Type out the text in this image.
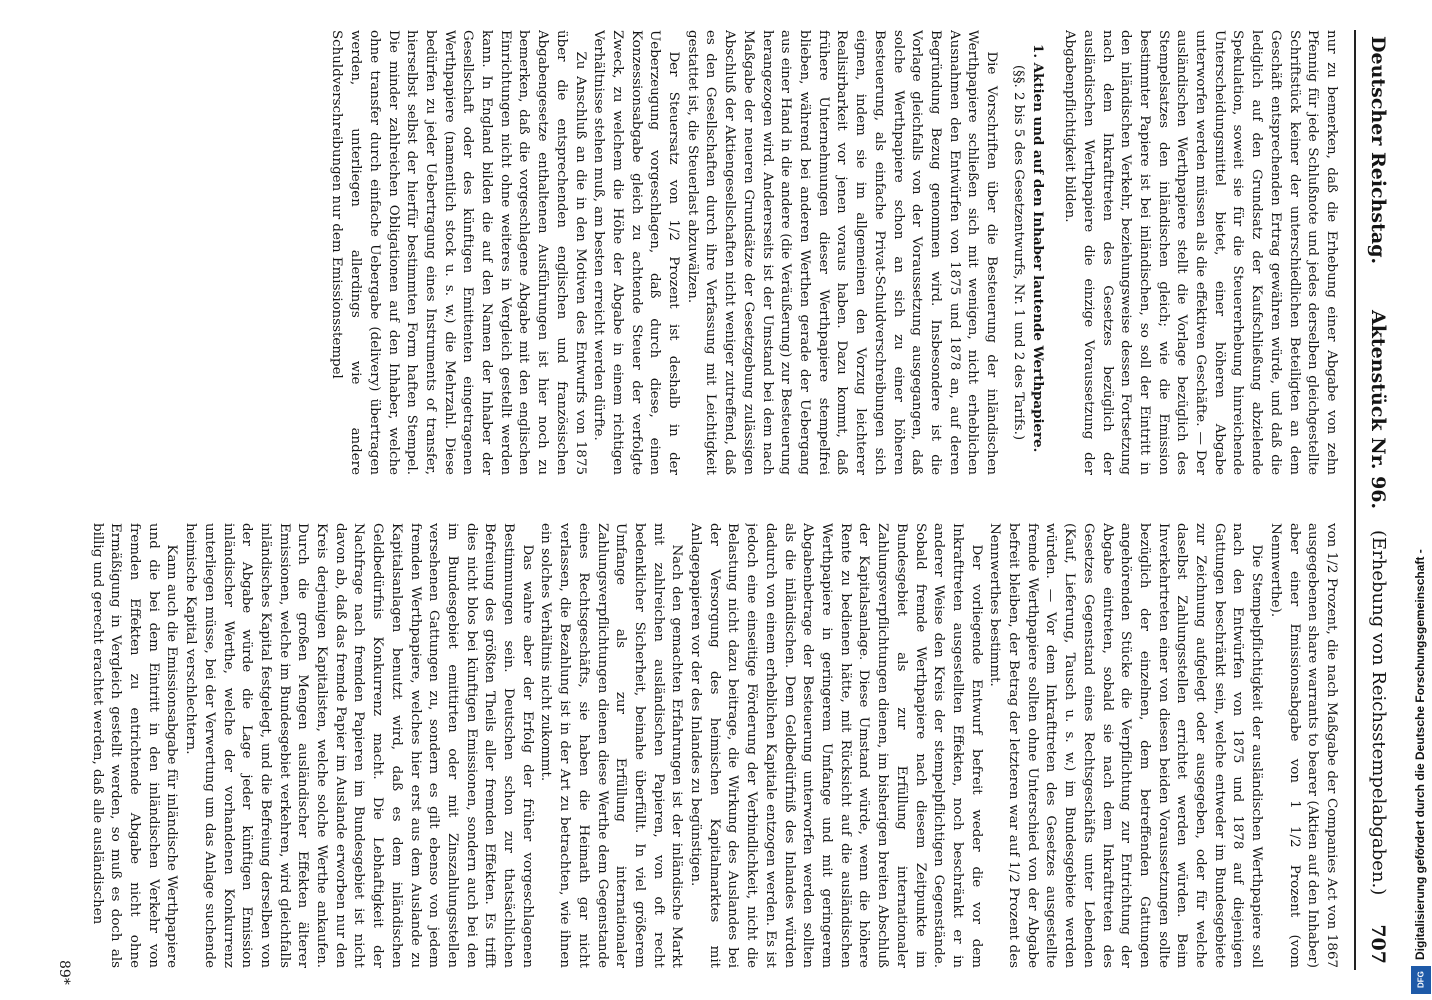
Deutscher Reichstag.
Aktenstück Nr. 96.
(Erhebung von Reichsstempelabgaben.)
707

nur zu bemerken, daß die Erhebung einer Abgabe von zehn Pfennig für jede Schlußnote und jedes derselben gleichgestellte Schriftstück keiner der unterschiedlichen Beteiligten an dem Geschäft entsprechenden Ertrag gewähren würde, und daß die lediglich auf den Grundsatz der Kaufschließung abzielende Spekulation, soweit sie für die Steuererhebung hinreichende Unterscheidungsmittel bietet, einer höheren Abgabe unterworfen werden müssen als die effektiven Geschäfte. — Der ausländischen Werthpapiere stellt die Vorlage bezüglich des Stempelsatzes den inländischen gleich; wie die Emission bestimmter Papiere ist bei inländischen, so soll der Eintritt in den inländischen Verkehr, beziehungsweise dessen Fortsetzung nach dem Inkrafttreten des Gesetzes bezüglich der ausländischen Werthpapiere die einzige Voraussetzung der Abgabenpflichtigkeit bilden.

1. Aktien und auf den Inhaber lautende Werthpapiere.

(§§. 2 bis 5 des Gesetzentwurfs, Nr. 1 und 2 des Tarifs.)

Die Vorschriften über die Besteuerung der inländischen Werthpapiere schließen sich mit wenigen, nicht erheblichen Ausnahmen den Entwürfen von 1875 und 1878 an, auf deren Begründung Bezug genommen wird. Insbesondere ist die Vorlage gleichfalls von der Voraussetzung ausgegangen, daß solche Werthpapiere schon an sich zu einer höheren Besteuerung, als einfache Privat-Schuldverschreibungen sich eignen, indem sie im allgemeinen den Vorzug leichterer Realisirbarkeit vor jenen voraus haben. Dazu kommt, daß frühere Unternehmungen dieser Werthpapiere stempelfrei blieben, während bei anderen Werthen gerade der Uebergang aus einer Hand in die andere (die Veräußerung) zur Besteuerung herangezogen wird. Andererseits ist der Umstand bei dem nach Maßgabe der neueren Grundsätze der Gesetzgebung zulässigen Abschluß der Aktiengesellschaften nicht weniger zutreffend, daß es den Gesellschaften durch ihre Verfassung mit Leichtigkeit gestattet ist, die Steuerlast abzuwälzen.

Der Steuersatz von 1/2 Prozent ist deshalb in der Ueberzeugung vorgeschlagen, daß durch diese, einen Konzessionsabgabe gleich zu achtende Steuer der verfolgte Zweck, zu welchem die Höhe der Abgabe in einem richtigen Verhältnisse stehen muß, am besten erreicht werden dürfte.

Zu Anschluß an die in den Motiven des Entwurfs von 1875 über die entsprechenden englischen und französischen Abgabengesetze enthaltenen Ausführungen ist hier noch zu bemerken, daß die vorgeschlagene Abgabe mit den englischen Einrichtungen nicht ohne weiteres in Vergleich gestellt werden kann. In England bilden die auf den Namen der Inhaber der Gesellschaft oder des künftigen Emittenten eingetragenen Werthpapiere (namentlich stock u. s. w.) die Mehrzahl. Diese bedürfen zu jeder Uebertragung eines Instruments of transfer, hierselbst selbst der hierfür bestimmten Form haften Stempel. Die minder zahlreichen Obligationen auf den Inhaber, welche ohne transfer durch einfache Uebergabe (delivery) übertragen werden, unterliegen allerdings wie andere Schuldverschreibungen nur dem Emissionsstempel

von 1/2 Prozent, die nach Maßgabe der Companies Act von 1867 ausgegebenen share warrants to bearer (Aktien auf den Inhaber) aber einer Emissionsabgabe von 1 1/2 Prozent (vom Nennwerthe).

Die Stempelpflichtigkeit der ausländischen Werthpapiere soll nach den Entwürfen von 1875 und 1878 auf diejenigen Gattungen beschränkt sein, welche entweder im Bundesgebiete zur Zeichnung aufgelegt oder ausgegeben, oder für welche daselbst Zahlungsstellen errichtet werden würden. Beim Inverkehrtreten einer von diesen beiden Voraussetzungen sollte bezüglich der einzelnen, dem betreffenden Gattungen angehörenden Stücke die Verpflichtung zur Entrichtung der Abgabe eintreten, sobald sie nach dem Inkrafttreten des Gesetzes Gegenstand eines Rechtsgeschäfts unter Lebenden (Kauf, Lieferung, Tausch u. s. w.) im Bundesgebiete werden würden. — Vor dem Inkrafttreten des Gesetzes ausgestellte fremde Werthpapiere sollten ohne Unterschied von der Abgabe befreit bleiben, der Betrag der letzteren war auf 1/2 Prozent des Nennwerthes bestimmt.

Der vorliegende Entwurf befreit weder die vor dem Inkrafttreten ausgestellten Effekten, noch beschränkt er in anderer Weise den Kreis der stempelpflichtigen Gegenstände. Sobald fremde Werthpapiere nach diesem Zeitpunkte im Bundesgebiet als zur Erfüllung internationaler Zahlungsverpflichtungen dienen, im bisherigen breiten Abschluß der Kapitalsanlage. Diese Umstand würde, wenn die höhere Rente zu bedienen hätte, mit Rücksicht auf die ausländischen Werthpapiere in geringerem Umfange und mit geringerem Abgabenbetrage der Besteuerung unterworfen werden sollten als die inländischen. Dem Geldbedürfniß des Inlandes würden dadurch von einem erheblichen Kapitale entzogen werden. Es ist jedoch eine einseitige Förderung der Verbindlichkeit, nicht die Belastung nicht dazu beitrage, die Wirkung des Auslandes bei der Versorgung des heimischen Kapitalmarktes mit Anlagepapieren vor der des Inlandes zu begünstigen.

Nach den gemachten Erfahrungen ist der inländische Markt mit zahlreichen ausländischen Papieren, von oft recht bedenklicher Sicherheit, beinahe überfüllt. In viel größerem Umfange als zur Erfüllung internationaler Zahlungsverpflichtungen dienen diese Werthe dem Gegenstande eines Rechtsgeschäfts, sie haben die Heimath gar nicht verlassen, die Bezahlung ist in der Art zu betrachten, wie ihnen ein solches Verhältnis nicht zukommt.

Das wahre aber der Erfolg der früher vorgeschlagenen Bestimmungen sein. Deutschen schon zur thatsächlichen Befreiung des größten Theils aller fremden Effekten. Es trifft dies nicht blos bei künftigen Emissionen, sondern auch bei den im Bundesgebiet emittirten oder mit Zinszahlungsstellen versehenen Gattungen zu, sondern es gilt ebenso von jedem fremden Werthpapiere, welches hier erst aus dem Auslande zu Kapitalsanlagen benutzt wird, daß es dem inländischen Geldbedürfnis Konkurrenz macht. Die Lebhaftigkeit der Nachfrage nach fremden Papieren im Bundesgebiet ist nicht davon ab, daß das fremde Papier im Auslande erworben nur den Kreis derjenigen Kapitalisten, welche solche Werthe ankaufen. Durch die großen Mengen ausländischer Effekten älterer Emissionen, welche im Bundesgebiet verkehren, wird gleichfalls inländisches Kapital festgelegt, und die Befreiung derselben von der Abgabe würde die Lage jeder künftigen Emission inländischer Werthe, welche der vorhandenen Konkurrenz unterliegen müsse, bei der Verwertung um das Anlage suchende heimische Kapital verschlechtern.

Kann auch die Emissionsabgabe für inländische Werthpapiere und die bei dem Eintritt in den inländischen Verkehr von fremden Effekten zu entrichtende Abgabe nicht ohne Ermäßigung in Vergleich gestellt werden, so muß es doch als billig und gerecht erachtet werden, daß alle ausländischen

89*
Digitalisierung gefördert durch die Deutsche Forschungsgemeinschaft -
DFG
